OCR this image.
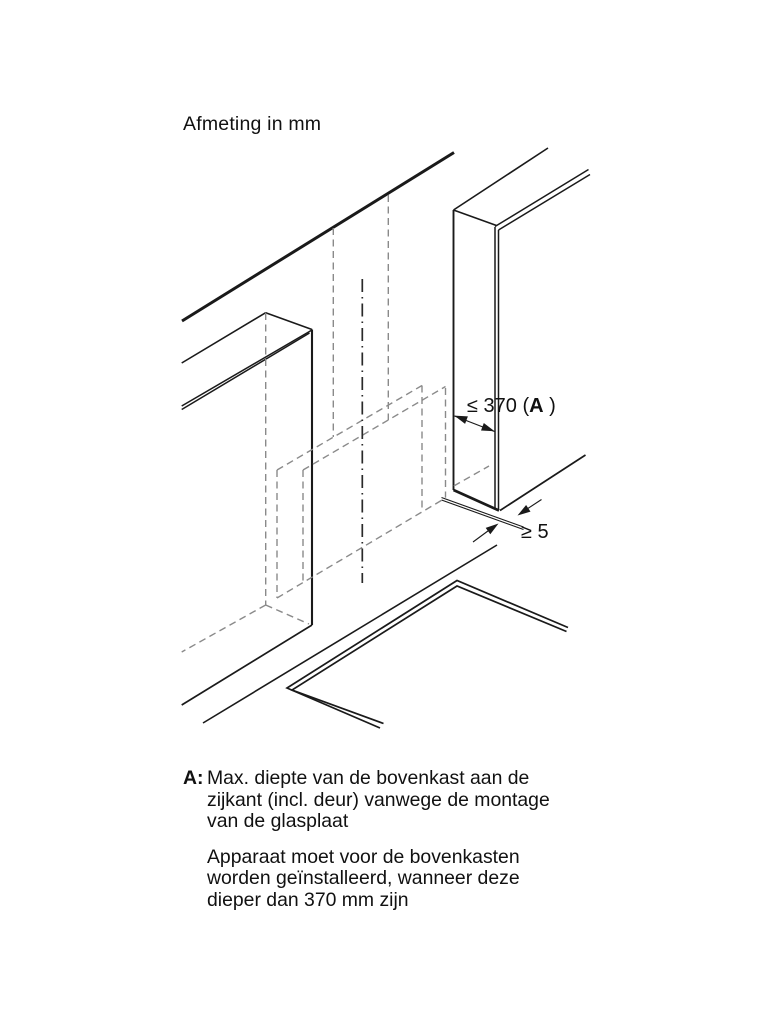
Afmeting in mm
≤ 370 (A )
≥ 5
A: Max. diepte van de bovenkast aan de
zijkant (incl. deur) vanwege de montage
van de glasplaat
Apparaat moet voor de bovenkasten
worden geïnstalleerd, wanneer deze
dieper dan 370 mm zijn
